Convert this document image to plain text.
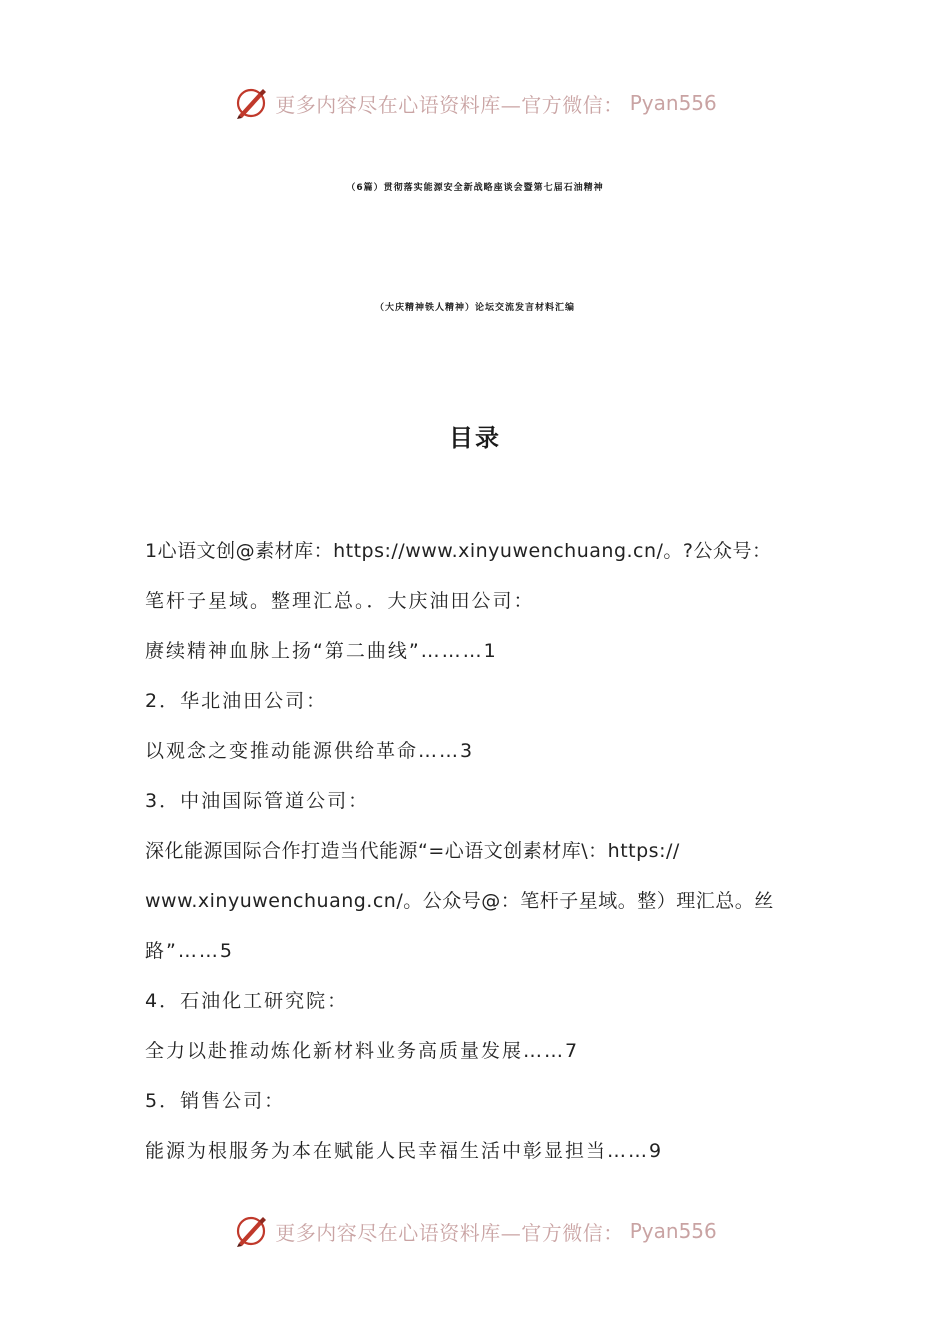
更多内容尽在心语资料库—官方微信： Pyan556
（6篇）贯彻落实能源安全新战略座谈会暨第七届石油精神
（大庆精神铁人精神）论坛交流发言材料汇编
目录
1心语文创@素材库：https://www.xinyuwenchuang.cn/。?公众号：
笔杆子星域。整理汇总。．大庆油田公司：
赓续精神血脉上扬“第二曲线”………1
2．华北油田公司：
以观念之变推动能源供给革命……3
3．中油国际管道公司：
深化能源国际合作打造当代能源“=心语文创素材库\：https://
www.xinyuwenchuang.cn/。公众号@：笔杆子星域。整）理汇总。丝
路”……5
4．石油化工研究院：
全力以赴推动炼化新材料业务高质量发展……7
5．销售公司：
能源为根服务为本在赋能人民幸福生活中彰显担当……9
更多内容尽在心语资料库—官方微信： Pyan556
